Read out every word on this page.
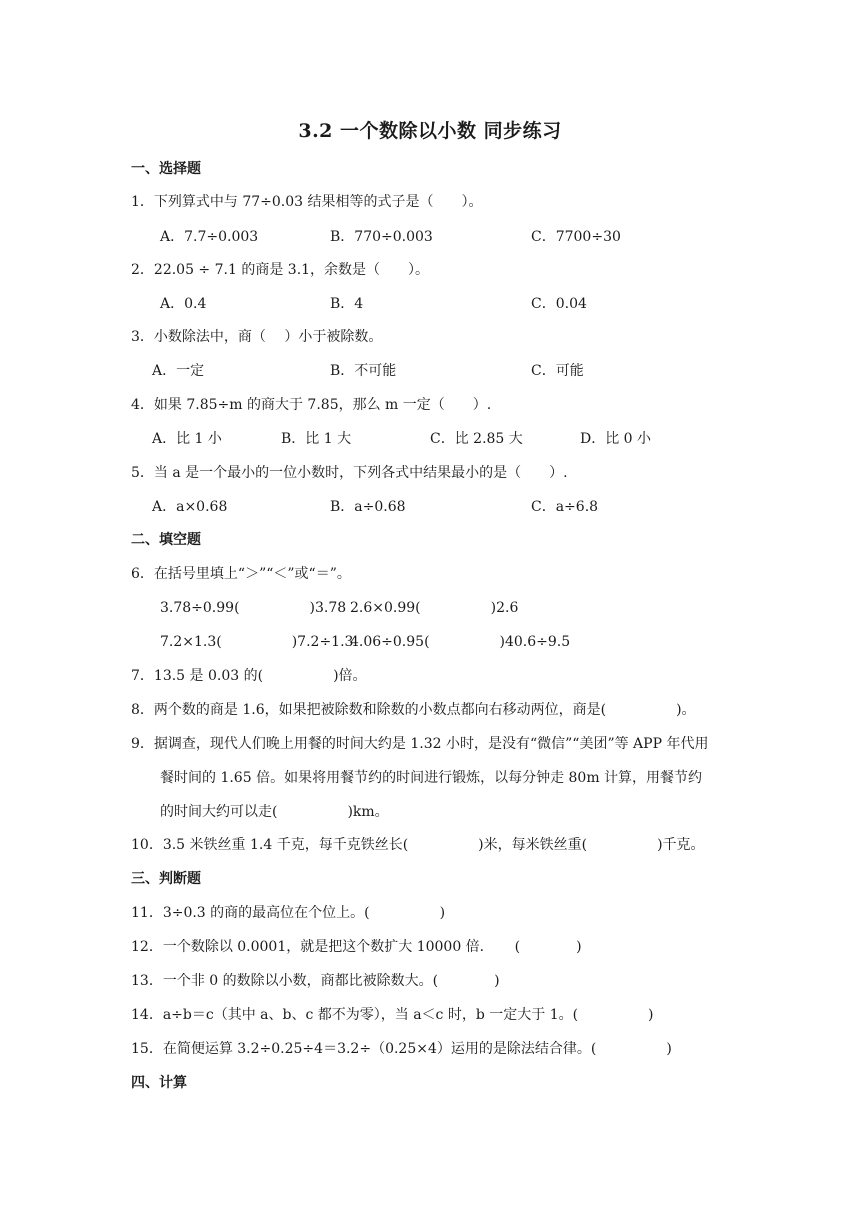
3.2 一个数除以小数 同步练习
一、选择题
1．下列算式中与 77÷0.03 结果相等的式子是（　　）。
A．7.7÷0.003	B．770÷0.003	C．7700÷30
2．22.05 ÷ 7.1 的商是 3.1，余数是（　　）。
A．0.4	B．4	C．0.04
3．小数除法中，商（　 ）小于被除数。
A．一定	B．不可能	C．可能
4．如果 7.85÷m 的商大于 7.85，那么 m 一定（　　）.
A．比 1 小	B．比 1 大	C．比 2.85 大	D．比 0 小
5．当 a 是一个最小的一位小数时，下列各式中结果最小的是（　　）.
A．a×0.68	B．a÷0.68	C．a÷6.8
二、填空题
6．在括号里填上“＞”“＜”或“＝”。
3.78÷0.99(　　　　　)3.78 2.6×0.99(　　　　　)2.6
7.2×1.3(　　　　　)7.2÷1.3
4.06÷0.95(　　　　　)40.6÷9.5
7．13.5 是 0.03 的(　　　　　)倍。
8．两个数的商是 1.6，如果把被除数和除数的小数点都向右移动两位，商是(　　　　　)。
9．据调查，现代人们晚上用餐的时间大约是 1.32 小时，是没有“微信”“美团”等 APP 年代用
餐时间的 1.65 倍。如果将用餐节约的时间进行锻炼，以每分钟走 80m 计算，用餐节约
的时间大约可以走(　　　　　)km。
10．3.5 米铁丝重 1.4 千克，每千克铁丝长(　　　　　)米，每米铁丝重(　　　　　)千克。
三、判断题
11．3÷0.3 的商的最高位在个位上。(　　　　　)
12．一个数除以 0.0001，就是把这个数扩大 10000 倍．　　(　　　　)
13．一个非 0 的数除以小数，商都比被除数大。(　　　　)
14．a÷b＝c（其中 a、b、c 都不为零），当 a＜c 时，b 一定大于 1。(　　　　　)
15．在简便运算 3.2÷0.25÷4＝3.2÷（0.25×4）运用的是除法结合律。(　　　　　)
四、计算
